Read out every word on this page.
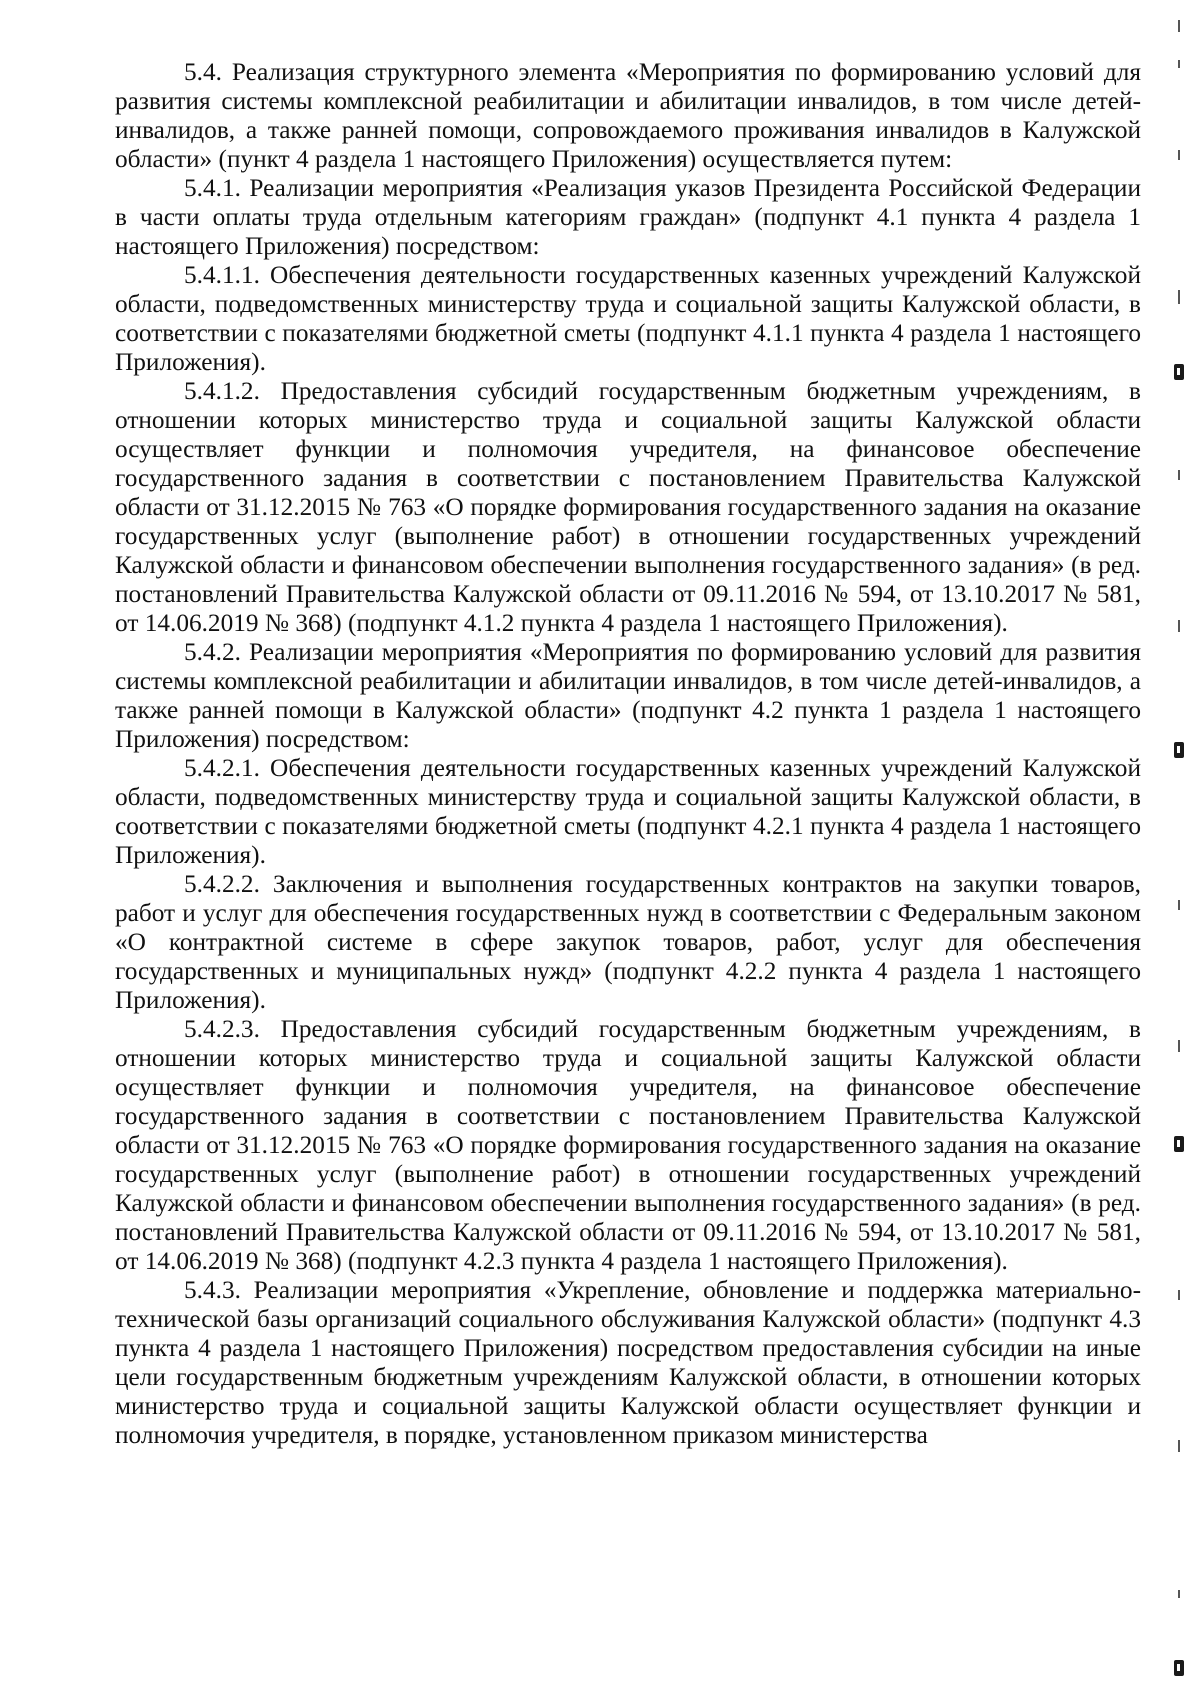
5.4. Реализация структурного элемента «Мероприятия по формированию условий для развития системы комплексной реабилитации и абилитации инвалидов, в том числе детей-инвалидов, а также ранней помощи, сопровождаемого проживания инвалидов в Калужской области» (пункт 4 раздела 1 настоящего Приложения) осуществляется путем:

5.4.1. Реализации мероприятия «Реализация указов Президента Российской Федерации в части оплаты труда отдельным категориям граждан» (подпункт 4.1 пункта 4 раздела 1 настоящего Приложения) посредством:

5.4.1.1. Обеспечения деятельности государственных казенных учреждений Калужской области, подведомственных министерству труда и социальной защиты Калужской области, в соответствии с показателями бюджетной сметы (подпункт 4.1.1 пункта 4 раздела 1 настоящего Приложения).

5.4.1.2. Предоставления субсидий государственным бюджетным учреждениям, в отношении которых министерство труда и социальной защиты Калужской области осуществляет функции и полномочия учредителя, на финансовое обеспечение государственного задания в соответствии с постановлением Правительства Калужской области от 31.12.2015 № 763 «О порядке формирования государственного задания на оказание государственных услуг (выполнение работ) в отношении государственных учреждений Калужской области и финансовом обеспечении выполнения государственного задания» (в ред. постановлений Правительства Калужской области от 09.11.2016 № 594, от 13.10.2017 № 581, от 14.06.2019 № 368) (подпункт 4.1.2 пункта 4 раздела 1 настоящего Приложения).

5.4.2. Реализации мероприятия «Мероприятия по формированию условий для развития системы комплексной реабилитации и абилитации инвалидов, в том числе детей-инвалидов, а также ранней помощи в Калужской области» (подпункт 4.2 пункта 1 раздела 1 настоящего Приложения) посредством:

5.4.2.1. Обеспечения деятельности государственных казенных учреждений Калужской области, подведомственных министерству труда и социальной защиты Калужской области, в соответствии с показателями бюджетной сметы (подпункт 4.2.1 пункта 4 раздела 1 настоящего Приложения).

5.4.2.2. Заключения и выполнения государственных контрактов на закупки товаров, работ и услуг для обеспечения государственных нужд в соответствии с Федеральным законом «О контрактной системе в сфере закупок товаров, работ, услуг для обеспечения государственных и муниципальных нужд» (подпункт 4.2.2 пункта 4 раздела 1 настоящего Приложения).

5.4.2.3. Предоставления субсидий государственным бюджетным учреждениям, в отношении которых министерство труда и социальной защиты Калужской области осуществляет функции и полномочия учредителя, на финансовое обеспечение государственного задания в соответствии с постановлением Правительства Калужской области от 31.12.2015 № 763 «О порядке формирования государственного задания на оказание государственных услуг (выполнение работ) в отношении государственных учреждений Калужской области и финансовом обеспечении выполнения государственного задания» (в ред. постановлений Правительства Калужской области от 09.11.2016 № 594, от 13.10.2017 № 581, от 14.06.2019 № 368) (подпункт 4.2.3 пункта 4 раздела 1 настоящего Приложения).

5.4.3. Реализации мероприятия «Укрепление, обновление и поддержка материально-технической базы организаций социального обслуживания Калужской области» (подпункт 4.3 пункта 4 раздела 1 настоящего Приложения) посредством предоставления субсидии на иные цели государственным бюджетным учреждениям Калужской области, в отношении которых министерство труда и социальной защиты Калужской области осуществляет функции и полномочия учредителя, в порядке, установленном приказом министерства
